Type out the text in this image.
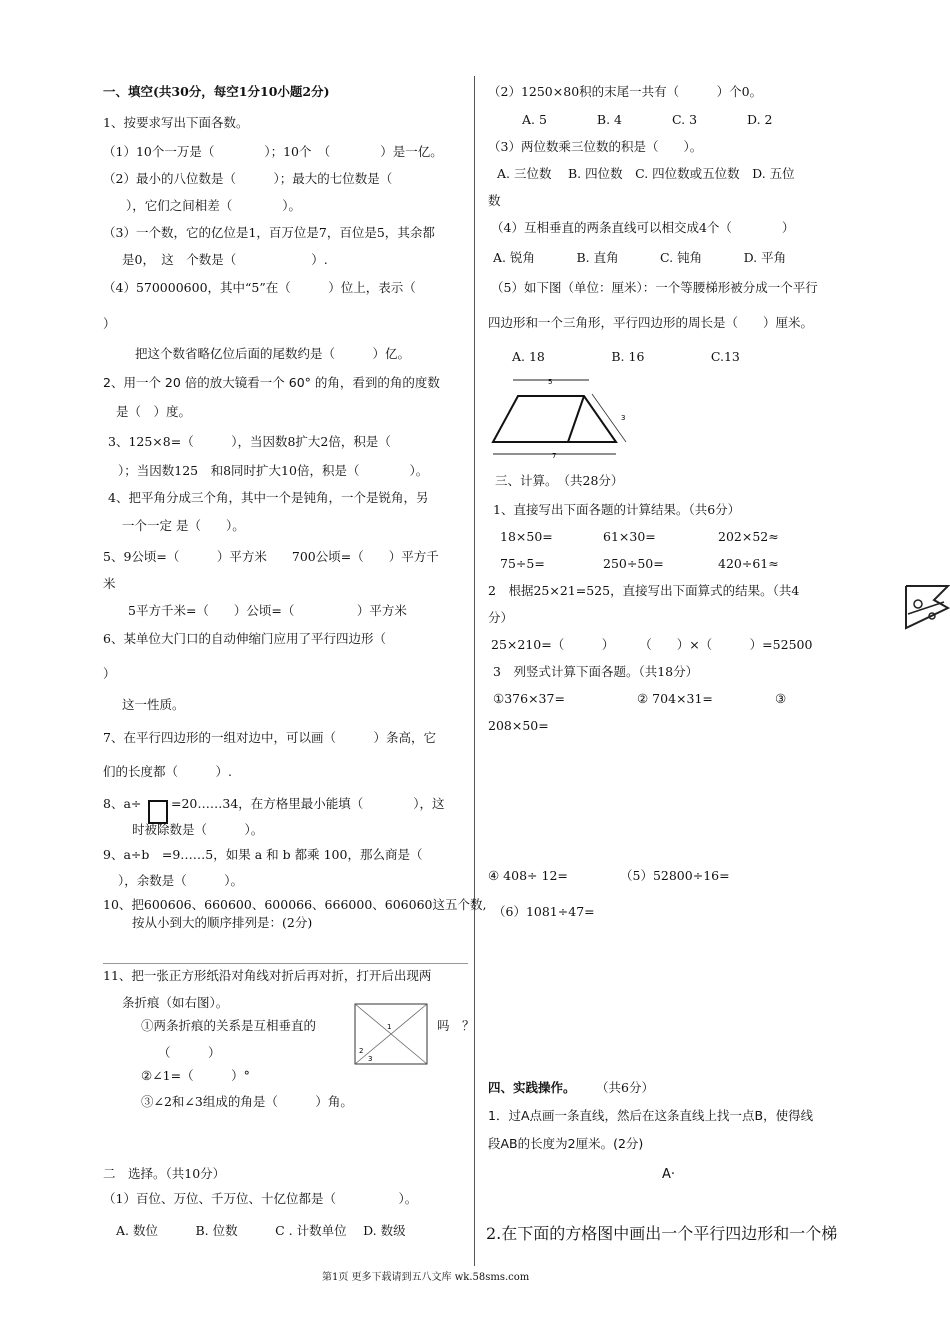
一、填空(共30分，每空1分10小题2分)
1、按要求写出下面各数。
（1）10个一万是（　　　　）；10个　（　　　　）是一亿。
（2）最小的八位数是（　　　）；最大的七位数是（
），它们之间相差（　　　　）。
（3）一个数，它的亿位是1，百万位是7，百位是5，其余都
是0，　这　个数是（　　　　　　）.
（4）570000600，其中“5”在（　　　）位上，表示（
）
把这个数省略亿位后面的尾数约是（　　　）亿。
2、用一个 20 倍的放大镜看一个 60° 的角，看到的角的度数
是（　）度。
3、125×8=（　　　），当因数8扩大2倍，积是（
）；当因数125　和8同时扩大10倍，积是（　　　　）。
4、把平角分成三个角，其中一个是钝角，一个是锐角，另
一个一定 是（　　）。
5、9公顷=（　　　）平方米　　700公顷=（　　）平方千
米
5平方千米=（　　）公顷=（　　　　　）平方米
6、某单位大门口的自动伸缩门应用了平行四边形（
）
这一性质。
7、在平行四边形的一组对边中，可以画（　　　）条高，它
们的长度都（　　　）.
8、a÷ =20……34，在方格里最小能填（　　　　），这
时被除数是（　　　）。
9、a÷b　=9……5，如果 a 和 b 都乘 100，那么商是（
），余数是（　　　）。
10、把600606、660600、600066、666000、606060这五个数,
按从小到大的顺序排列是：(2分)
11、把一张正方形纸沿对角线对折后再对折，打开后出现两
条折痕（如右图）。
①两条折痕的关系是互相垂直的	吗　？
（　　　）
②∠1=（　　　）°
③∠2和∠3组成的角是（　　　）角。
1
2
3
二　选择。（共10分）
（1）百位、万位、千万位、十亿位都是（　　　　　）。
A. 数位　　　B. 位数　　　C . 计数单位　 D. 数级
（2）1250×80积的末尾一共有（　　　）个0。
A. 5　　　　B. 4　　　　C. 3　　　　D. 2
（3）两位数乘三位数的积是（　　）。
A. 三位数　 B. 四位数　C. 四位数或五位数　D. 五位
数
（4）互相垂直的两条直线可以相交成4个（　　　　）
A. 锐角　　　 B. 直角　　　 C. 钝角　　　 D. 平角
（5）如下图（单位：厘米）：一个等腰梯形被分成一个平行
四边形和一个三角形，平行四边形的周长是（　　）厘米。
A. 18　　　　　 B. 16　　　　　 C.13
5
3
7
三、计算。　（共28分）
1、直接写出下面各题的计算结果。（共6分）
18×50=	61×30=	202×52≈
75÷5=	250÷50=	420÷61≈
2　根据25×21=525，直接写出下面算式的结果。（共4
分）
25×210=（　　　）　　　（　　）×（　　　）=52500
3　列竖式计算下面各题。（共18分）
①376×37=	② 704×31=	③
208×50=
④ 408÷ 12=	（5）52800÷16=
（6）1081÷47=
四、实践操作。 （共6分）
1．过A点画一条直线，然后在这条直线上找一点B，使得线
段AB的长度为2厘米。(2分)
A·
2.在下面的方格图中画出一个平行四边形和一个梯
第1页 更多下载请到五八文库 wk.58sms.com
